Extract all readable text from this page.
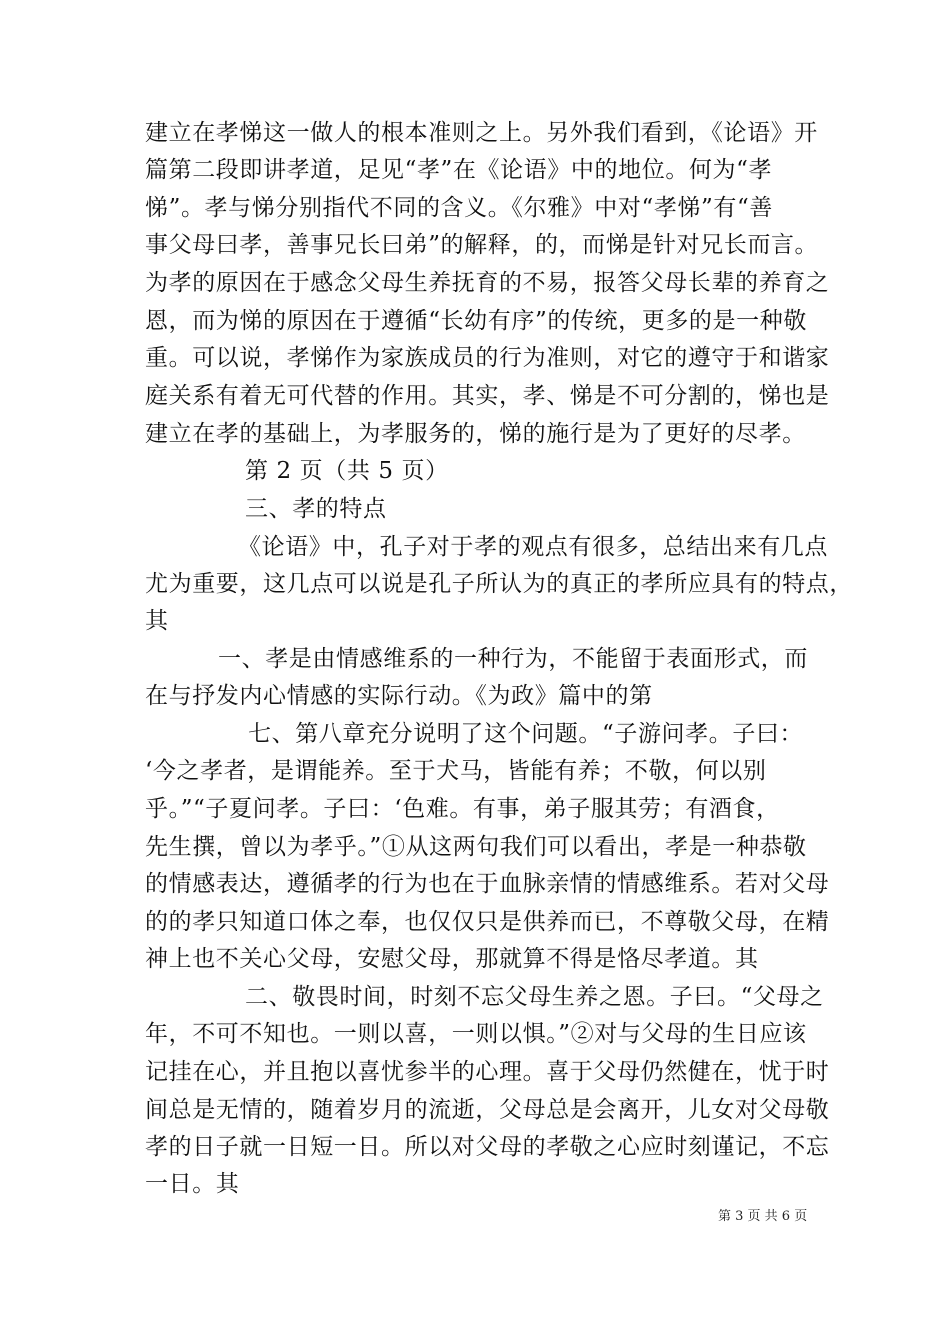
建立在孝悌这一做人的根本准则之上。另外我们看到，《论语》开

篇第二段即讲孝道，足见“孝”在《论语》中的地位。何为“孝

悌”。孝与悌分别指代不同的含义。《尔雅》中对“孝悌”有“善

事父母曰孝，善事兄长曰弟”的解释，的，而悌是针对兄长而言。

为孝的原因在于感念父母生养抚育的不易，报答父母长辈的养育之

恩，而为悌的原因在于遵循“长幼有序”的传统，更多的是一种敬

重。可以说，孝悌作为家族成员的行为准则，对它的遵守于和谐家

庭关系有着无可代替的作用。其实，孝、悌是不可分割的，悌也是

建立在孝的基础上，为孝服务的，悌的施行是为了更好的尽孝。

第 2 页（共 5 页）

三、孝的特点

《论语》中，孔子对于孝的观点有很多，总结出来有几点

尤为重要，这几点可以说是孔子所认为的真正的孝所应具有的特点，

其

一、孝是由情感维系的一种行为，不能留于表面形式，而

在与抒发内心情感的实际行动。《为政》篇中的第

七、第八章充分说明了这个问题。“子游问孝。子曰：

‘今之孝者，是谓能养。至于犬马，皆能有养；不敬，何以别

乎。”“子夏问孝。子曰：‘色难。有事，弟子服其劳；有酒食，

先生撰，曾以为孝乎。”①从这两句我们可以看出，孝是一种恭敬

的情感表达，遵循孝的行为也在于血脉亲情的情感维系。若对父母

的的孝只知道口体之奉，也仅仅只是供养而已，不尊敬父母，在精

神上也不关心父母，安慰父母，那就算不得是恪尽孝道。其

二、敬畏时间，时刻不忘父母生养之恩。子曰。“父母之

年，不可不知也。一则以喜，一则以惧。”②对与父母的生日应该

记挂在心，并且抱以喜忧参半的心理。喜于父母仍然健在，忧于时

间总是无情的，随着岁月的流逝，父母总是会离开，儿女对父母敬

孝的日子就一日短一日。所以对父母的孝敬之心应时刻谨记，不忘

一日。其

第 3 页 共 6 页
